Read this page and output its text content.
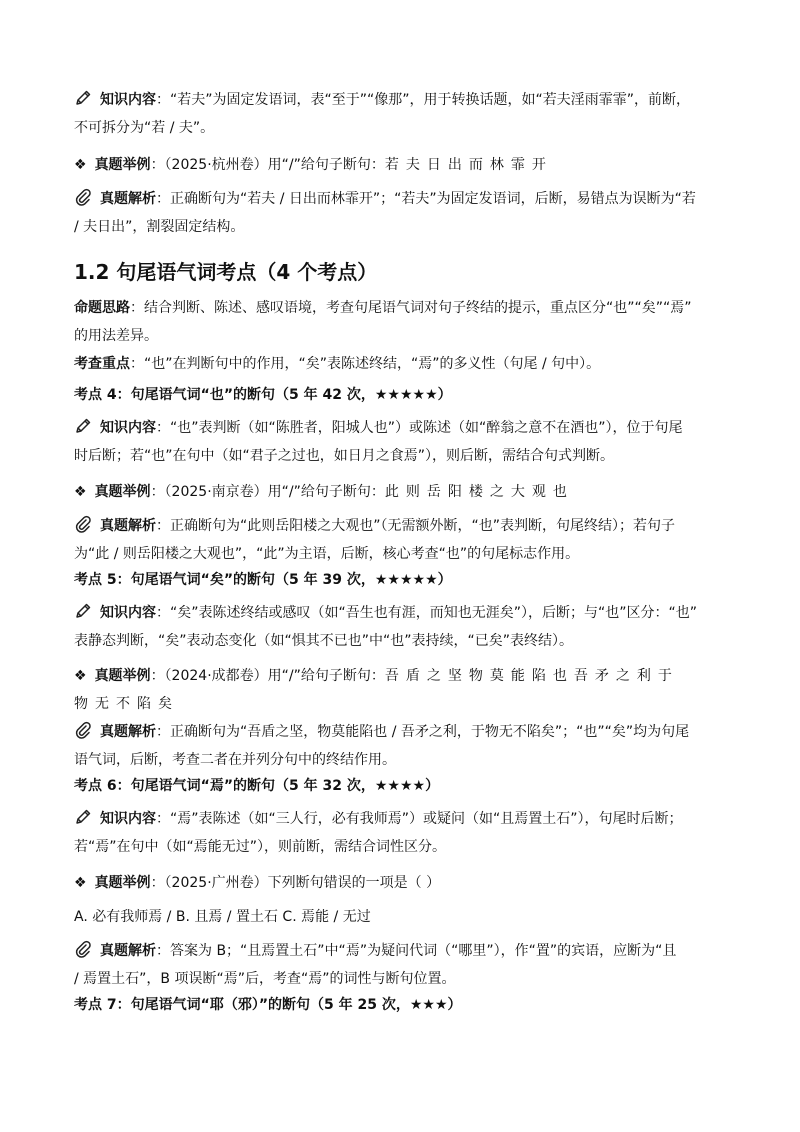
知识内容：“若夫”为固定发语词，表“至于”“像那”，用于转换话题，如“若夫淫雨霏霏”，前断，
不可拆分为“若 / 夫”。
❖ 真题举例：（2025·杭州卷）用“/”给句子断句：若夫日出而林霏开
真题解析：正确断句为“若夫 / 日出而林霏开”；“若夫”为固定发语词，后断，易错点为误断为“若
/ 夫日出”，割裂固定结构。
1.2 句尾语气词考点（4 个考点）
命题思路：结合判断、陈述、感叹语境，考查句尾语气词对句子终结的提示，重点区分“也”“矣”“焉”
的用法差异。
考查重点：“也”在判断句中的作用，“矣”表陈述终结，“焉”的多义性（句尾 / 句中）。
考点 4：句尾语气词“也”的断句（5 年 42 次，★★★★★）
知识内容：“也”表判断（如“陈胜者，阳城人也”）或陈述（如“醉翁之意不在酒也”），位于句尾
时后断；若“也”在句中（如“君子之过也，如日月之食焉”），则后断，需结合句式判断。
❖ 真题举例：（2025·南京卷）用“/”给句子断句：此则岳阳楼之大观也
真题解析：正确断句为“此则岳阳楼之大观也”（无需额外断，“也”表判断，句尾终结）；若句子
为“此 / 则岳阳楼之大观也”，“此”为主语，后断，核心考查“也”的句尾标志作用。
考点 5：句尾语气词“矣”的断句（5 年 39 次，★★★★★）
知识内容：“矣”表陈述终结或感叹（如“吾生也有涯，而知也无涯矣”），后断；与“也”区分：“也”
表静态判断，“矣”表动态变化（如“惧其不已也”中“也”表持续，“已矣”表终结）。
❖ 真题举例：（2024·成都卷）用“/”给句子断句：吾盾之坚物莫能陷也吾矛之利于
物无不陷矣
真题解析：正确断句为“吾盾之坚，物莫能陷也 / 吾矛之利，于物无不陷矣”；“也”“矣”均为句尾
语气词，后断，考查二者在并列分句中的终结作用。
考点 6：句尾语气词“焉”的断句（5 年 32 次，★★★★）
知识内容：“焉”表陈述（如“三人行，必有我师焉”）或疑问（如“且焉置土石”），句尾时后断；
若“焉”在句中（如“焉能无过”），则前断，需结合词性区分。
❖ 真题举例：（2025·广州卷）下列断句错误的一项是（ ）
A. 必有我师焉 / B. 且焉 / 置土石 C. 焉能 / 无过
真题解析：答案为 B；“且焉置土石”中“焉”为疑问代词（“哪里”），作“置”的宾语，应断为“且
/ 焉置土石”，B 项误断“焉”后，考查“焉”的词性与断句位置。
考点 7：句尾语气词“耶（邪）”的断句（5 年 25 次，★★★）
